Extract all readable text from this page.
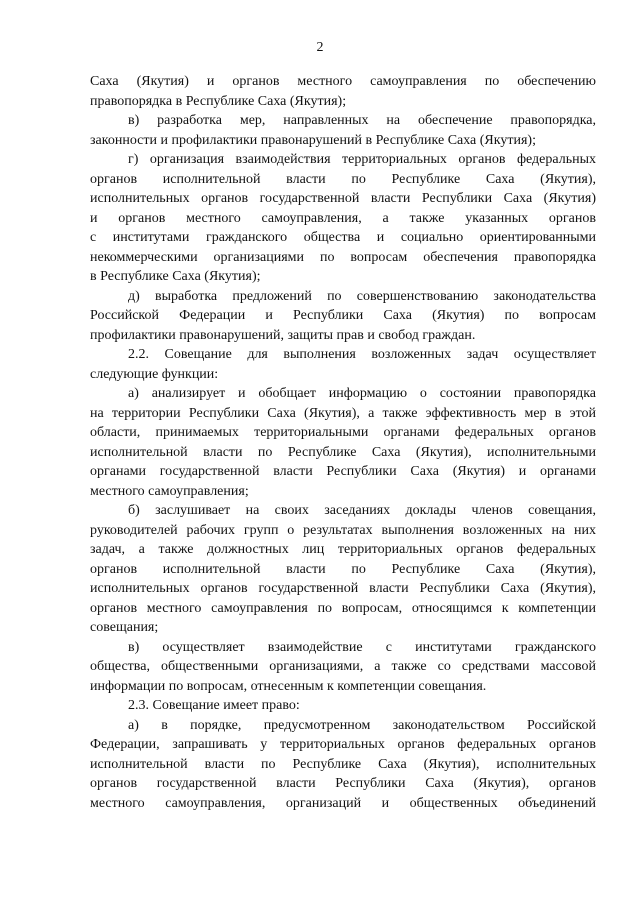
2
Саха (Якутия) и органов местного самоуправления по обеспечению
правопорядка в Республике Саха (Якутия);
в) разработка мер, направленных на обеспечение правопорядка,
законности и профилактики правонарушений в Республике Саха (Якутия);
г) организация взаимодействия территориальных органов федеральных
органов исполнительной власти по Республике Саха (Якутия),
исполнительных органов государственной власти Республики Саха (Якутия)
и органов местного самоуправления, а также указанных органов
с институтами гражданского общества и социально ориентированными
некоммерческими организациями по вопросам обеспечения правопорядка
в Республике Саха (Якутия);
д) выработка предложений по совершенствованию законодательства
Российской Федерации и Республики Саха (Якутия) по вопросам
профилактики правонарушений, защиты прав и свобод граждан.
2.2. Совещание для выполнения возложенных задач осуществляет
следующие функции:
а) анализирует и обобщает информацию о состоянии правопорядка
на территории Республики Саха (Якутия), а также эффективность мер в этой
области, принимаемых территориальными органами федеральных органов
исполнительной власти по Республике Саха (Якутия), исполнительными
органами государственной власти Республики Саха (Якутия) и органами
местного самоуправления;
б) заслушивает на своих заседаниях доклады членов совещания,
руководителей рабочих групп о результатах выполнения возложенных на них
задач, а также должностных лиц территориальных органов федеральных
органов исполнительной власти по Республике Саха (Якутия),
исполнительных органов государственной власти Республики Саха (Якутия),
органов местного самоуправления по вопросам, относящимся к компетенции
совещания;
в) осуществляет взаимодействие с институтами гражданского
общества, общественными организациями, а также со средствами массовой
информации по вопросам, отнесенным к компетенции совещания.
2.3. Совещание имеет право:
а) в порядке, предусмотренном законодательством Российской
Федерации, запрашивать у территориальных органов федеральных органов
исполнительной власти по Республике Саха (Якутия), исполнительных
органов государственной власти Республики Саха (Якутия), органов
местного самоуправления, организаций и общественных объединений
